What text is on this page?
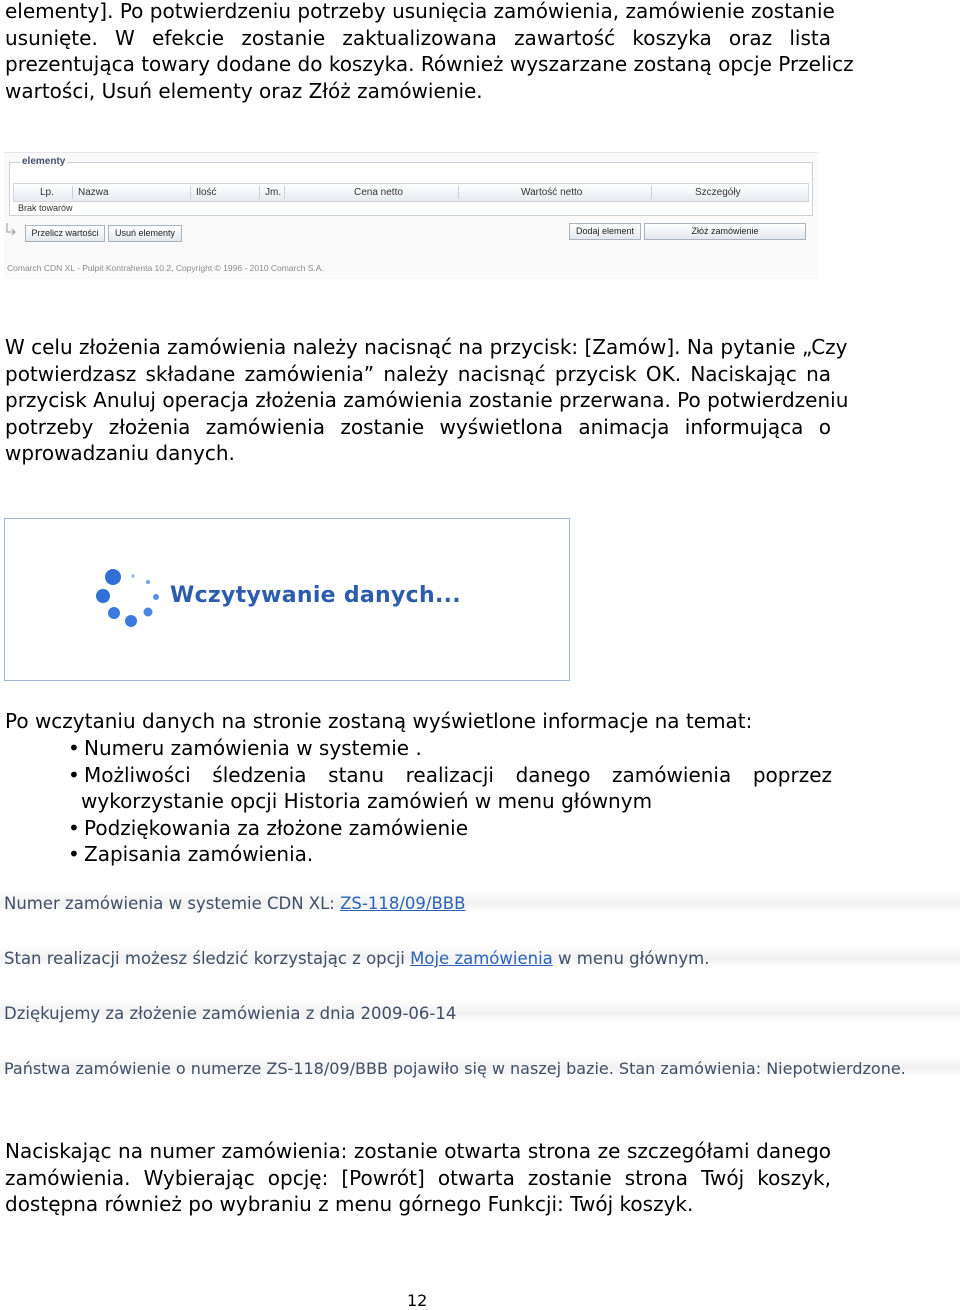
elementy]. Po potwierdzeniu potrzeby usunięcia zamówienia, zamówienie zostanie
usunięte. W efekcie zostanie zaktualizowana zawartość koszyka oraz lista
prezentująca towary dodane do koszyka. Również wyszarzane zostaną opcje Przelicz
wartości, Usuń elementy oraz Złóż zamówienie.

elementy
Lp. Nazwa	Ilość	Jm.	Cena netto	Wartość netto	Szczegóły
Brak towarów
Przelicz wartości	Usuń elementy	Dodaj element	Złóż zamówienie
Comarch CDN XL - Pulpit Kontrahenta 10.2, Copyright © 1996 - 2010 Comarch S.A.

W celu złożenia zamówienia należy nacisnąć na przycisk: [Zamów]. Na pytanie „Czy
potwierdzasz składane zamówienia” należy nacisnąć przycisk OK. Naciskając na
przycisk Anuluj operacja złożenia zamówienia zostanie przerwana. Po potwierdzeniu
potrzeby złożenia zamówienia zostanie wyświetlona animacja informująca o
wprowadzaniu danych.

Wczytywanie danych...

Po wczytaniu danych na stronie zostaną wyświetlone informacje na temat:

• Numeru zamówienia w systemie .
• Możliwości śledzenia stanu realizacji danego zamówienia poprzez
wykorzystanie opcji Historia zamówień w menu głównym
• Podziękowania za złożone zamówienie
• Zapisania zamówienia.
Numer zamówienia w systemie CDN XL: ZS-118/09/BBB
Stan realizacji możesz śledzić korzystając z opcji Moje zamówienia w menu głównym.
Dziękujemy za złożenie zamówienia z dnia 2009-06-14
Państwa zamówienie o numerze ZS-118/09/BBB pojawiło się w naszej bazie. Stan zamówienia: Niepotwierdzone.

Naciskając na numer zamówienia: zostanie otwarta strona ze szczegółami danego
zamówienia. Wybierając opcję: [Powrót] otwarta zostanie strona Twój koszyk,
dostępna również po wybraniu z menu górnego Funkcji: Twój koszyk.

12
